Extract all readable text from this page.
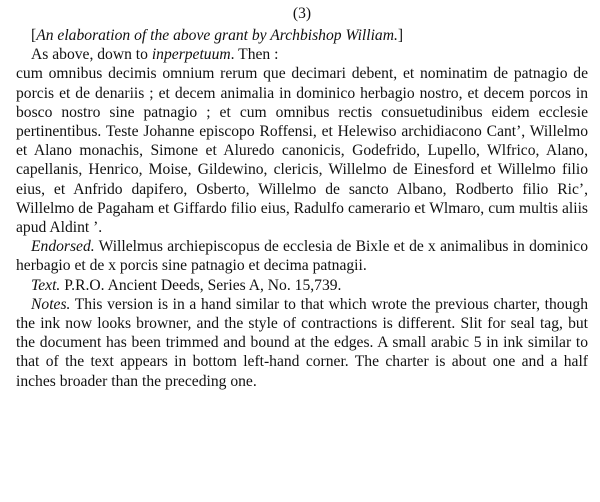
(3)

[An elaboration of the above grant by Archbishop William.]

As above, down to inperpetuum. Then :

cum omnibus decimis omnium rerum que decimari debent, et nominatim de patnagio de porcis et de denariis ; et decem animalia in dominico herbagio nostro, et decem porcos in bosco nostro sine patnagio ; et cum omnibus rectis consuetudinibus eidem ecclesie pertinentibus. Teste Johanne episcopo Roffensi, et Helewiso archidiacono Cant’, Willelmo et Alano monachis, Simone et Aluredo canonicis, Godefrido, Lupello, Wlfrico, Alano, capellanis, Henrico, Moise, Gildewino, clericis, Willelmo de Einesford et Willelmo filio eius, et Anfrido dapifero, Osberto, Willelmo de sancto Albano, Rodberto filio Ric’, Willelmo de Pagaham et Giffardo filio eius, Radulfo camerario et Wlmaro, cum multis aliis apud Aldint ’.

Endorsed. Willelmus archiepiscopus de ecclesia de Bixle et de x animalibus in dominico herbagio et de x porcis sine patnagio et decima patnagii.

Text. P.R.O. Ancient Deeds, Series A, No. 15,739.

Notes. This version is in a hand similar to that which wrote the previous charter, though the ink now looks browner, and the style of contractions is different. Slit for seal tag, but the document has been trimmed and bound at the edges. A small arabic 5 in ink similar to that of the text appears in bottom left-hand corner. The charter is about one and a half inches broader than the preceding one.
